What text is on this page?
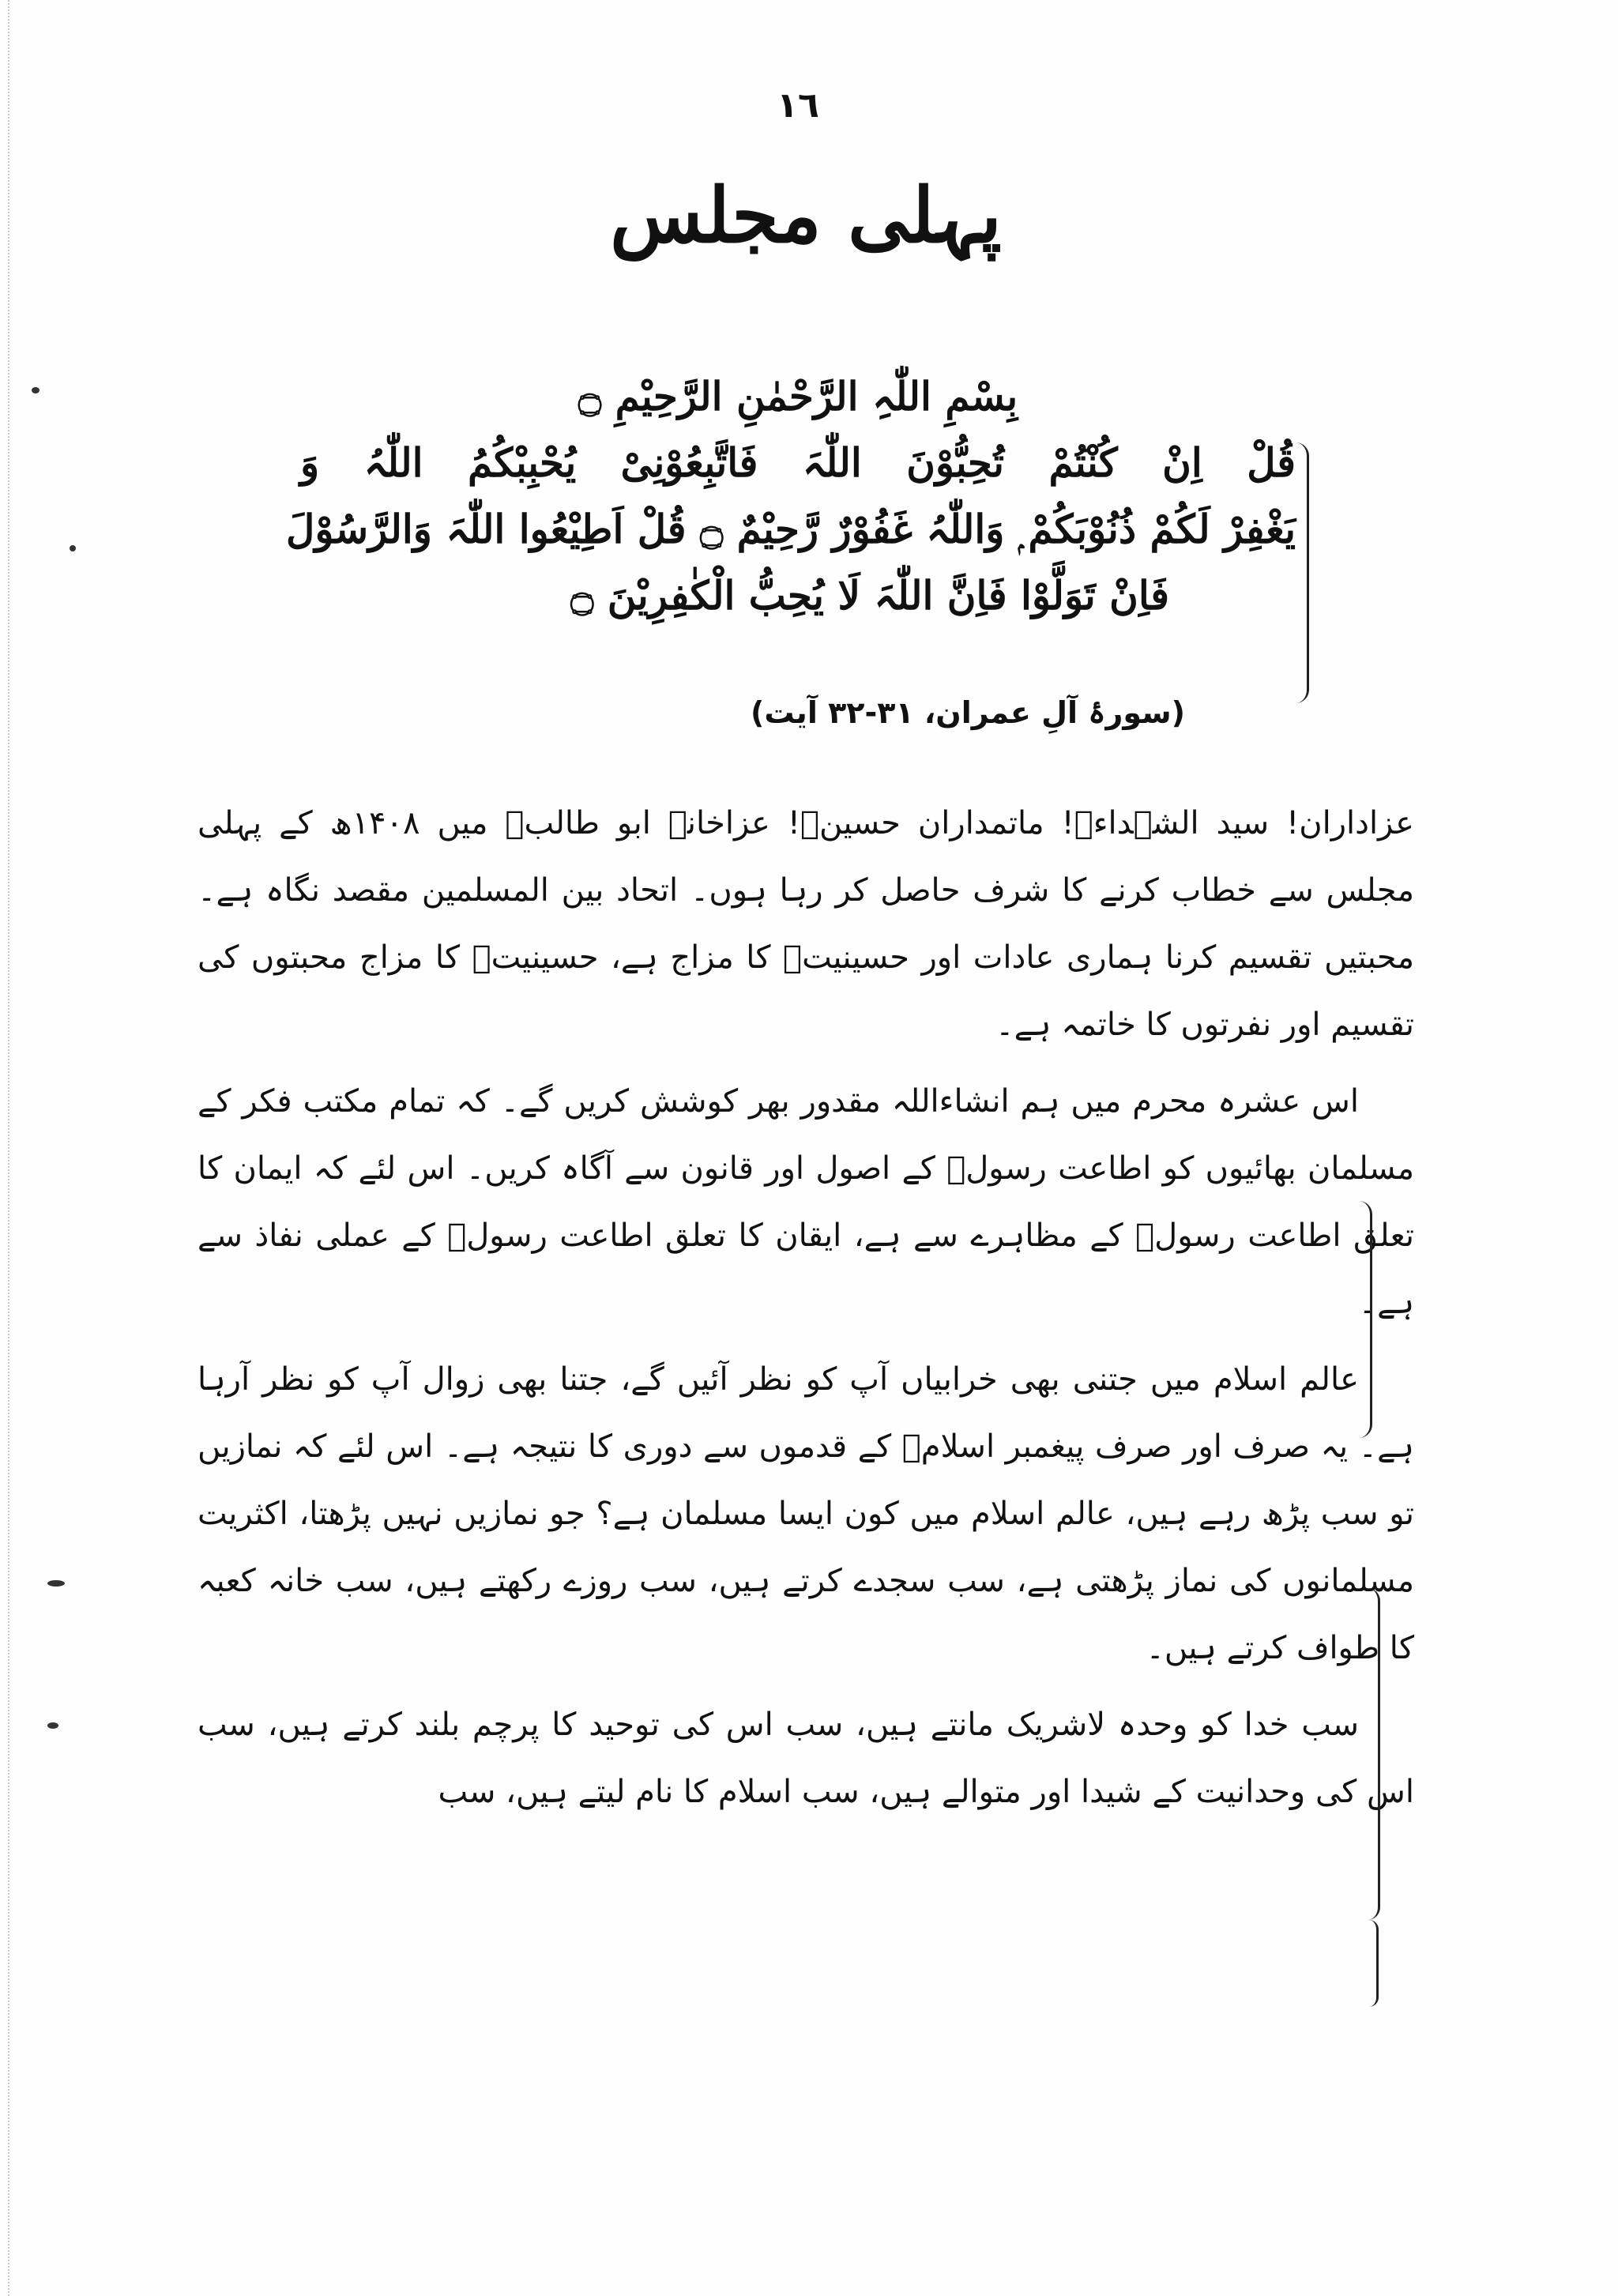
١٦
پہلی مجلس
بِسْمِ اللّٰہِ الرَّحْمٰنِ الرَّحِیْمِ ۝
قُلْ اِنْ کُنْتُمْ تُحِبُّوْنَ اللّٰہَ فَاتَّبِعُوْنِیْ یُحْبِبْکُمُ اللّٰہُ وَ
یَغْفِرْ لَکُمْ ذُنُوْبَکُمْ ۭ وَاللّٰہُ غَفُوْرٌ رَّحِیْمٌ ۝ قُلْ اَطِیْعُوا اللّٰہَ وَالرَّسُوْلَ
فَاِنْ تَوَلَّوْا فَاِنَّ اللّٰہَ لَا یُحِبُّ الْکٰفِرِیْنَ ۝
(سورۂ آلِ عمران، ۳۱-۳۲ آیت)

عزاداران! سید الشہداءؑ! ماتمداران حسینؑ! عزاخانہ ابو طالبؑ میں ۱۴۰۸ھ کے پہلی مجلس سے خطاب کرنے کا شرف حاصل کر رہا ہوں۔ اتحاد بین المسلمین مقصد نگاہ ہے۔ محبتیں تقسیم کرنا ہماری عادات اور حسینیتؑ کا مزاج ہے، حسینیتؑ کا مزاج محبتوں کی تقسیم اور نفرتوں کا خاتمہ ہے۔

اس عشرہ محرم میں ہم انشاءاللہ مقدور بھر کوشش کریں گے۔ کہ تمام مکتب فکر کے مسلمان بھائیوں کو اطاعت رسولؐ کے اصول اور قانون سے آگاہ کریں۔ اس لئے کہ ایمان کا تعلق اطاعت رسولؐ کے مظاہرے سے ہے، ایقان کا تعلق اطاعت رسولؐ کے عملی نفاذ سے ہے۔

عالم اسلام میں جتنی بھی خرابیاں آپ کو نظر آئیں گے، جتنا بھی زوال آپ کو نظر آرہا ہے۔ یہ صرف اور صرف پیغمبر اسلامؐ کے قدموں سے دوری کا نتیجہ ہے۔ اس لئے کہ نمازیں تو سب پڑھ رہے ہیں، عالم اسلام میں کون ایسا مسلمان ہے؟ جو نمازیں نہیں پڑھتا، اکثریت مسلمانوں کی نماز پڑھتی ہے، سب سجدے کرتے ہیں، سب روزے رکھتے ہیں، سب خانہ کعبہ کا طواف کرتے ہیں۔

سب خدا کو وحدہ لاشریک مانتے ہیں، سب اس کی توحید کا پرچم بلند کرتے ہیں، سب اس کی وحدانیت کے شیدا اور متوالے ہیں، سب اسلام کا نام لیتے ہیں، سب
